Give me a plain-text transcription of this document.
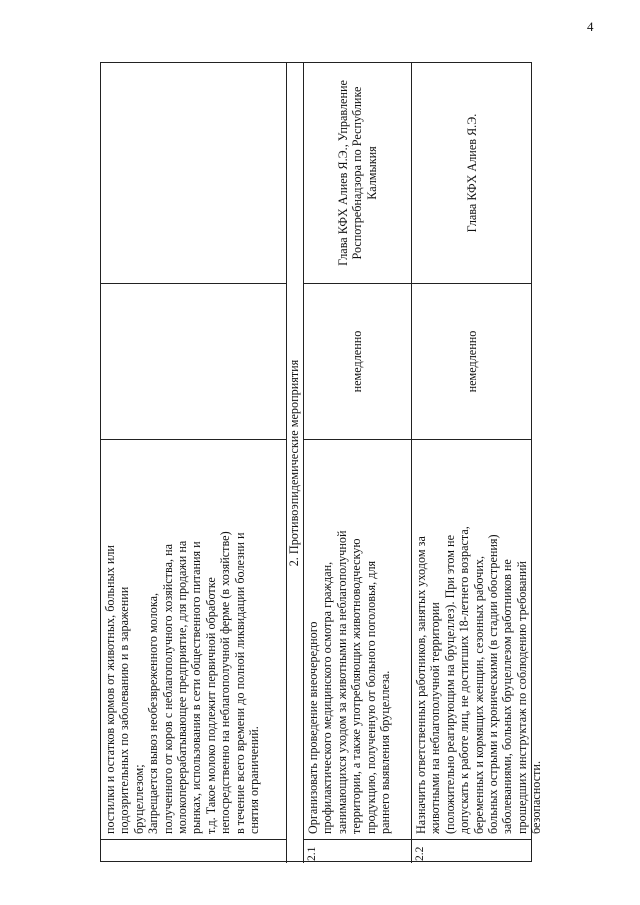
4
постилки и остатков кормов от животных, больных или подозрительных по заболеванию и в заражении бруцеллезом; Запрещается вывоз необезвреженного молока, полученного от коров с неблагополучного хозяйства, на молокоперерабатывающее предприятие, для продажи на рынках, использования в сети общественного питания и т.д. Такое молоко подлежит первичной обработке непосредственно на неблагополучной ферме (в хозяйстве) в течение всего времени до полной ликвидации болезни и снятия ограничений.
2. Противоэпидемические мероприятия
2.1
Организовать проведение внеочередного профилактического медицинского осмотра граждан, занимающихся уходом за животными на неблагополучной территории, а также употребляющих животноводческую продукцию, полученную от больного поголовья, для раннего выявления бруцеллеза.
немедленно
Глава КФХ Алиев Я.Э., Управление Роспотребнадзора по Республике Калмыкия
2.2
Назначить ответственных работников, занятых уходом за животными на неблагополучной территории (положительно реагирующим на бруцеллез). При этом не допускать к работе лиц, не достигших 18-летнего возраста, беременных и кормящих женщин, сезонных рабочих, больных острыми и хроническими (в стадии обострения) заболеваниями, больных бруцеллезом работников не прошедших инструктаж по соблюдению требований безопасности.
немедленно
Глава КФХ Алиев Я.Э.
